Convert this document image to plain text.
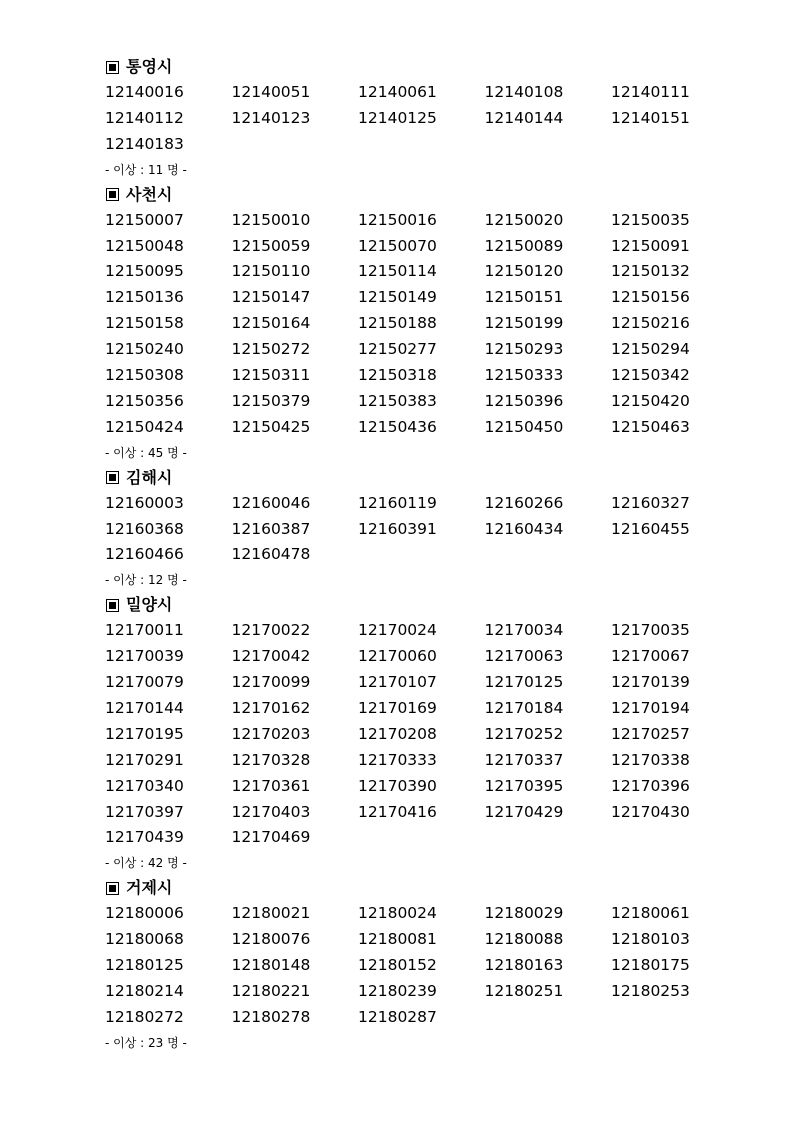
통영시
12140016	12140051	12140061	12140108	12140111
12140112	12140123	12140125	12140144	12140151
12140183
- 이상 : 11 명 -
사천시
12150007	12150010	12150016	12150020	12150035
12150048	12150059	12150070	12150089	12150091
12150095	12150110	12150114	12150120	12150132
12150136	12150147	12150149	12150151	12150156
12150158	12150164	12150188	12150199	12150216
12150240	12150272	12150277	12150293	12150294
12150308	12150311	12150318	12150333	12150342
12150356	12150379	12150383	12150396	12150420
12150424	12150425	12150436	12150450	12150463
- 이상 : 45 명 -
김해시
12160003	12160046	12160119	12160266	12160327
12160368	12160387	12160391	12160434	12160455
12160466	12160478
- 이상 : 12 명 -
밀양시
12170011	12170022	12170024	12170034	12170035
12170039	12170042	12170060	12170063	12170067
12170079	12170099	12170107	12170125	12170139
12170144	12170162	12170169	12170184	12170194
12170195	12170203	12170208	12170252	12170257
12170291	12170328	12170333	12170337	12170338
12170340	12170361	12170390	12170395	12170396
12170397	12170403	12170416	12170429	12170430
12170439	12170469
- 이상 : 42 명 -
거제시
12180006	12180021	12180024	12180029	12180061
12180068	12180076	12180081	12180088	12180103
12180125	12180148	12180152	12180163	12180175
12180214	12180221	12180239	12180251	12180253
12180272	12180278	12180287
- 이상 : 23 명 -
